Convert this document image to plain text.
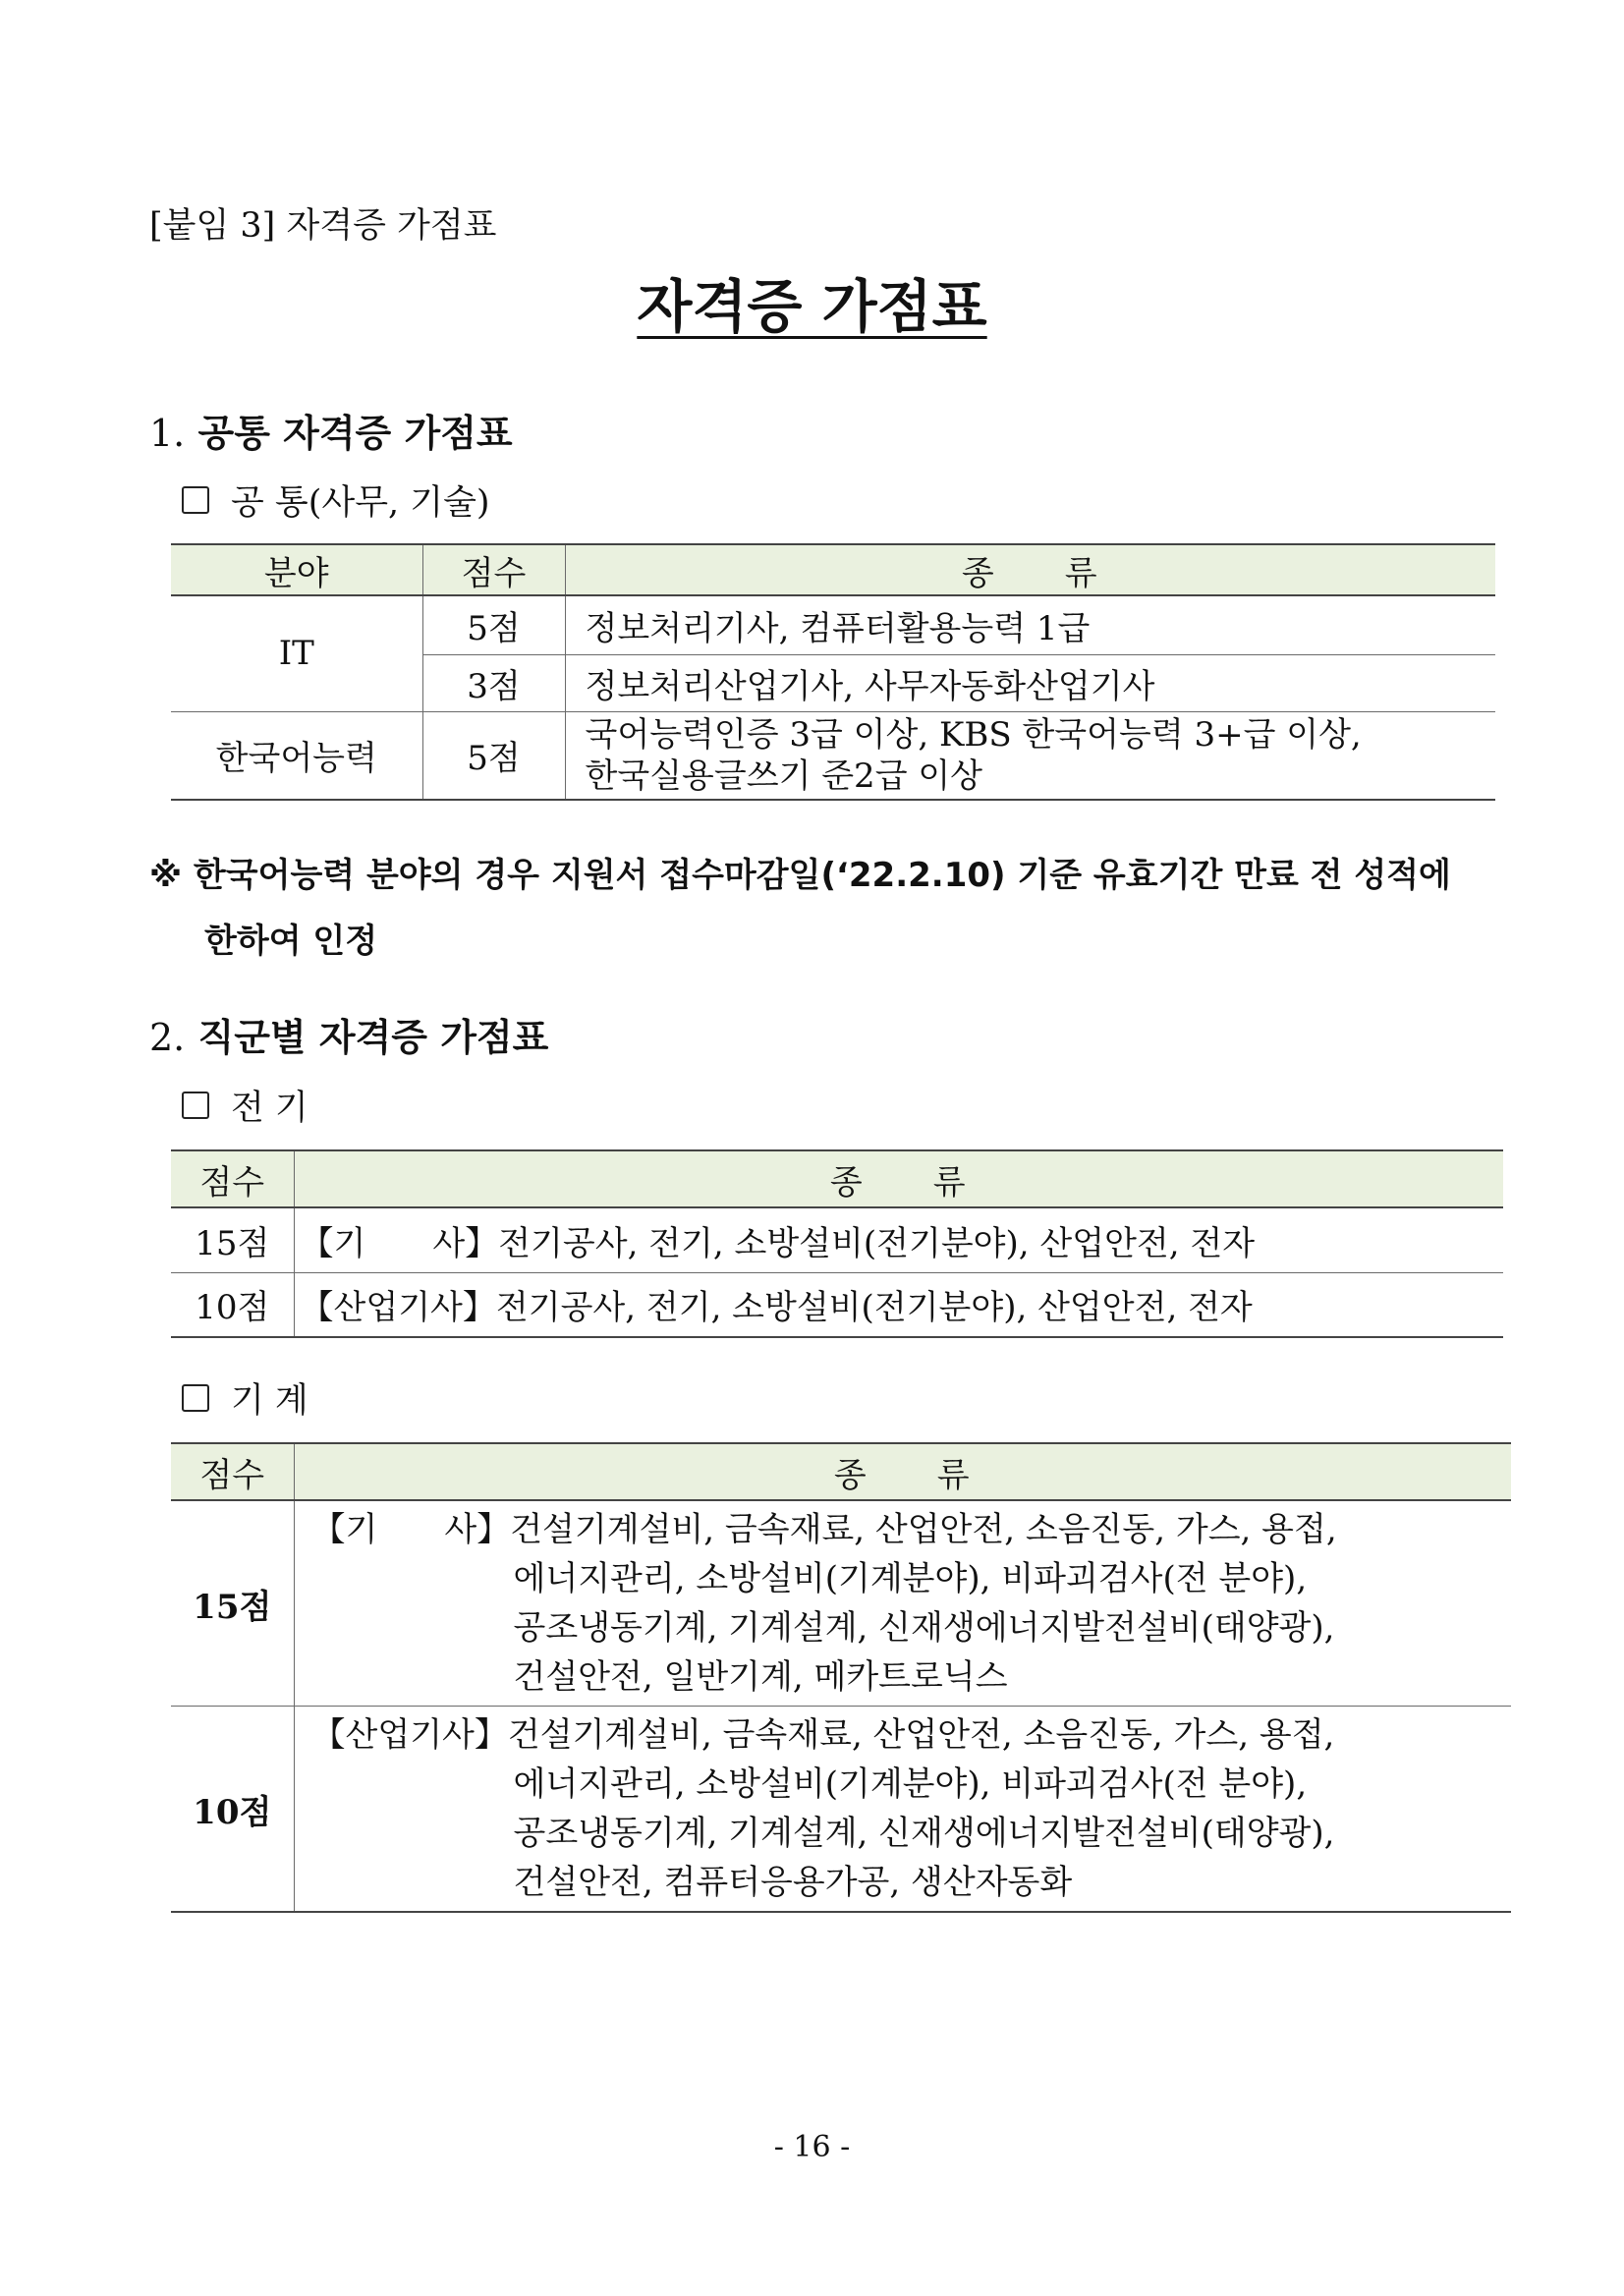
[붙임 3] 자격증 가점표
자격증 가점표
1. 공통 자격증 가점표
공 통(사무, 기술)
분야	점수	종 류
IT	5점	정보처리기사, 컴퓨터활용능력 1급
	3점	정보처리산업기사, 사무자동화산업기사
한국어능력	5점	국어능력인증 3급 이상, KBS 한국어능력 3+급 이상,
한국실용글쓰기 준2급 이상
※ 한국어능력 분야의 경우 지원서 접수마감일(‘22.2.10) 기준 유효기간 만료 전 성적에
한하여 인정
2. 직군별 자격증 가점표
전 기
점수	종 류
15점	【기　　사】전기공사, 전기, 소방설비(전기분야), 산업안전, 전자
10점	【산업기사】전기공사, 전기, 소방설비(전기분야), 산업안전, 전자
기 계
점수	종 류
15점	【기　　사】건설기계설비, 금속재료, 산업안전, 소음진동, 가스, 용접,
에너지관리, 소방설비(기계분야), 비파괴검사(전 분야),
공조냉동기계, 기계설계, 신재생에너지발전설비(태양광),
건설안전, 일반기계, 메카트로닉스

10점	【산업기사】건설기계설비, 금속재료, 산업안전, 소음진동, 가스, 용접,
에너지관리, 소방설비(기계분야), 비파괴검사(전 분야),
공조냉동기계, 기계설계, 신재생에너지발전설비(태양광),
건설안전, 컴퓨터응용가공, 생산자동화
- 16 -
